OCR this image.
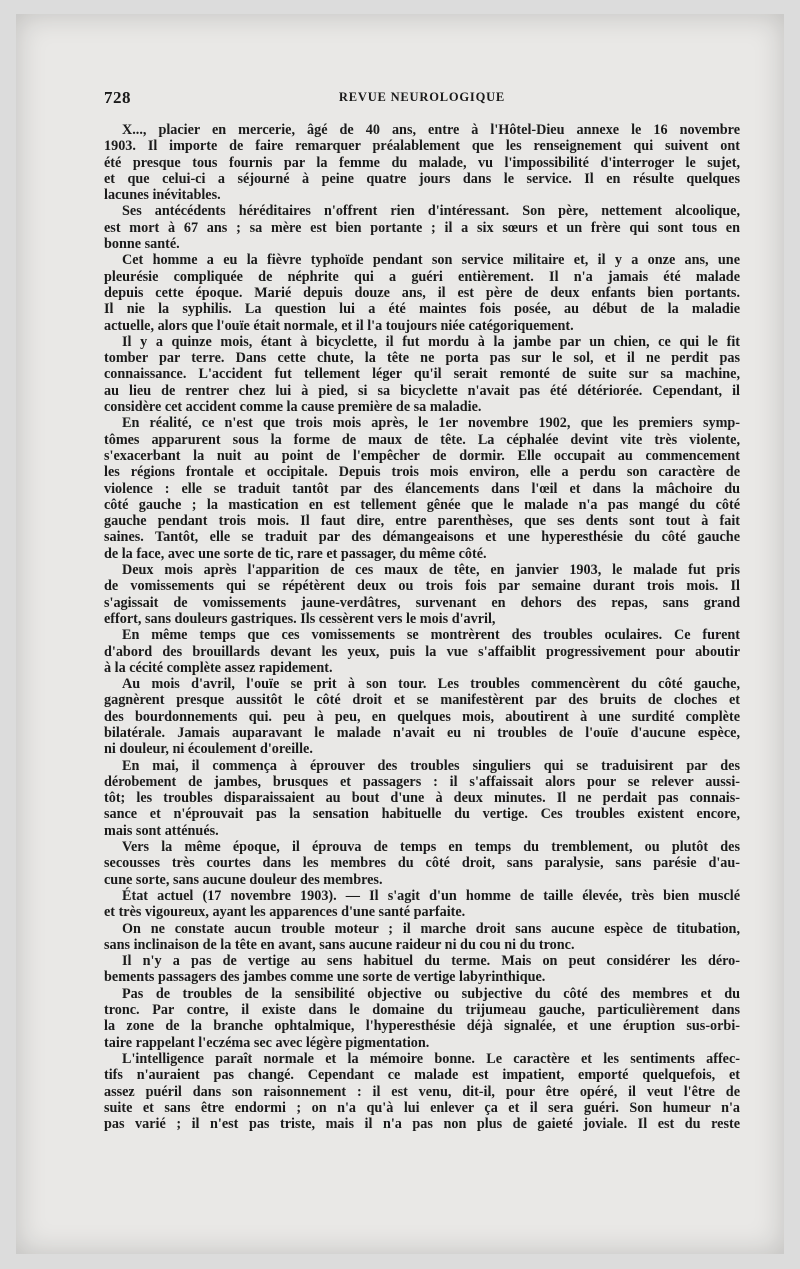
728	REVUE NEUROLOGIQUE
X..., placier en mercerie, âgé de 40 ans, entre à l'Hôtel-Dieu annexe le 16 novembre
1903. Il importe de faire remarquer préalablement que les renseignement qui suivent ont
été presque tous fournis par la femme du malade, vu l'impossibilité d'interroger le sujet,
et que celui-ci a séjourné à peine quatre jours dans le service. Il en résulte quelques
lacunes inévitables.
Ses antécédents héréditaires n'offrent rien d'intéressant. Son père, nettement alcoolique,
est mort à 67 ans ; sa mère est bien portante ; il a six sœurs et un frère qui sont tous en
bonne santé.
Cet homme a eu la fièvre typhoïde pendant son service militaire et, il y a onze ans, une
pleurésie compliquée de néphrite qui a guéri entièrement. Il n'a jamais été malade
depuis cette époque. Marié depuis douze ans, il est père de deux enfants bien portants.
Il nie la syphilis. La question lui a été maintes fois posée, au début de la maladie
actuelle, alors que l'ouïe était normale, et il l'a toujours niée catégoriquement.
Il y a quinze mois, étant à bicyclette, il fut mordu à la jambe par un chien, ce qui le fit
tomber par terre. Dans cette chute, la tête ne porta pas sur le sol, et il ne perdit pas
connaissance. L'accident fut tellement léger qu'il serait remonté de suite sur sa machine,
au lieu de rentrer chez lui à pied, si sa bicyclette n'avait pas été détériorée. Cependant, il
considère cet accident comme la cause première de sa maladie.
En réalité, ce n'est que trois mois après, le 1er novembre 1902, que les premiers symp-
tômes apparurent sous la forme de maux de tête. La céphalée devint vite très violente,
s'exacerbant la nuit au point de l'empêcher de dormir. Elle occupait au commencement
les régions frontale et occipitale. Depuis trois mois environ, elle a perdu son caractère de
violence : elle se traduit tantôt par des élancements dans l'œil et dans la mâchoire du
côté gauche ; la mastication en est tellement gênée que le malade n'a pas mangé du côté
gauche pendant trois mois. Il faut dire, entre parenthèses, que ses dents sont tout à fait
saines. Tantôt, elle se traduit par des démangeaisons et une hyperesthésie du côté gauche
de la face, avec une sorte de tic, rare et passager, du même côté.
Deux mois après l'apparition de ces maux de tête, en janvier 1903, le malade fut pris
de vomissements qui se répétèrent deux ou trois fois par semaine durant trois mois. Il
s'agissait de vomissements jaune-verdâtres, survenant en dehors des repas, sans grand
effort, sans douleurs gastriques. Ils cessèrent vers le mois d'avril,
En même temps que ces vomissements se montrèrent des troubles oculaires. Ce furent
d'abord des brouillards devant les yeux, puis la vue s'affaiblit progressivement pour aboutir
à la cécité complète assez rapidement.
Au mois d'avril, l'ouïe se prit à son tour. Les troubles commencèrent du côté gauche,
gagnèrent presque aussitôt le côté droit et se manifestèrent par des bruits de cloches et
des bourdonnements qui. peu à peu, en quelques mois, aboutirent à une surdité complète
bilatérale. Jamais auparavant le malade n'avait eu ni troubles de l'ouïe d'aucune espèce,
ni douleur, ni écoulement d'oreille.
En mai, il commença à éprouver des troubles singuliers qui se traduisirent par des
dérobement de jambes, brusques et passagers : il s'affaissait alors pour se relever aussi-
tôt; les troubles disparaissaient au bout d'une à deux minutes. Il ne perdait pas connais-
sance et n'éprouvait pas la sensation habituelle du vertige. Ces troubles existent encore,
mais sont atténués.
Vers la même époque, il éprouva de temps en temps du tremblement, ou plutôt des
secousses très courtes dans les membres du côté droit, sans paralysie, sans parésie d'au-
cune sorte, sans aucune douleur des membres.
État actuel (17 novembre 1903). — Il s'agit d'un homme de taille élevée, très bien musclé
et très vigoureux, ayant les apparences d'une santé parfaite.
On ne constate aucun trouble moteur ; il marche droit sans aucune espèce de titubation,
sans inclinaison de la tête en avant, sans aucune raideur ni du cou ni du tronc.
Il n'y a pas de vertige au sens habituel du terme. Mais on peut considérer les déro-
bements passagers des jambes comme une sorte de vertige labyrinthique.
Pas de troubles de la sensibilité objective ou subjective du côté des membres et du
tronc. Par contre, il existe dans le domaine du trijumeau gauche, particulièrement dans
la zone de la branche ophtalmique, l'hyperesthésie déjà signalée, et une éruption sus-orbi-
taire rappelant l'eczéma sec avec légère pigmentation.
L'intelligence paraît normale et la mémoire bonne. Le caractère et les sentiments affec-
tifs n'auraient pas changé. Cependant ce malade est impatient, emporté quelquefois, et
assez puéril dans son raisonnement : il est venu, dit-il, pour être opéré, il veut l'être de
suite et sans être endormi ; on n'a qu'à lui enlever ça et il sera guéri. Son humeur n'a
pas varié ; il n'est pas triste, mais il n'a pas non plus de gaieté joviale. Il est du reste
